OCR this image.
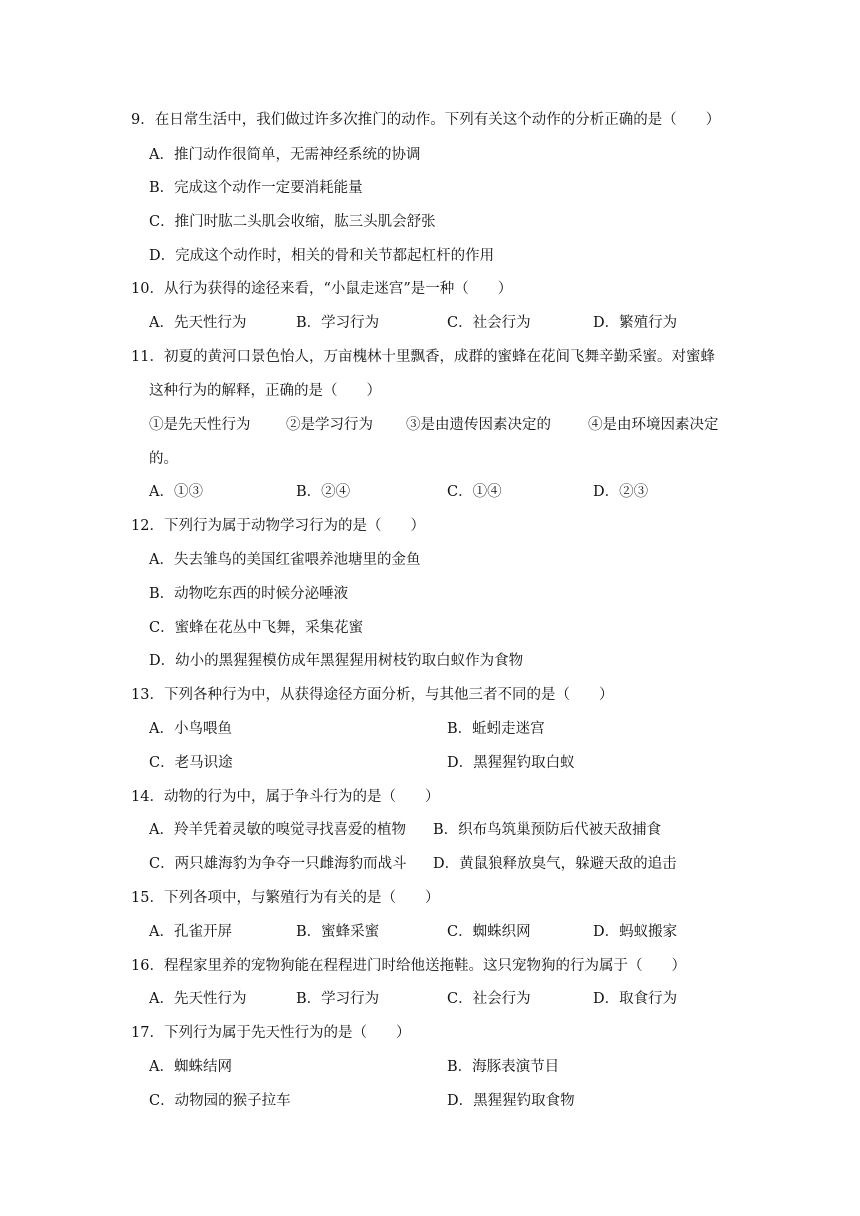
9．在日常生活中，我们做过许多次推门的动作。下列有关这个动作的分析正确的是（　　）
A．推门动作很简单，无需神经系统的协调
B．完成这个动作一定要消耗能量
C．推门时肱二头肌会收缩，肱三头肌会舒张
D．完成这个动作时，相关的骨和关节都起杠杆的作用
10．从行为获得的途径来看，“小鼠走迷宫”是一种（　　）
A．先天性行为	B．学习行为	C．社会行为	D．繁殖行为
11．初夏的黄河口景色怡人，万亩槐林十里飘香，成群的蜜蜂在花间飞舞辛勤采蜜。对蜜蜂
这种行为的解释，正确的是（　　）
①是先天性行为 ②是学习行为 ③是由遗传因素决定的	④是由环境因素决定
的。
A．①③	B．②④	C．①④	D．②③
12．下列行为属于动物学习行为的是（　　）
A．失去雏鸟的美国红雀喂养池塘里的金鱼
B．动物吃东西的时候分泌唾液
C．蜜蜂在花丛中飞舞，采集花蜜
D．幼小的黑猩猩模仿成年黑猩猩用树枝钓取白蚁作为食物
13．下列各种行为中，从获得途径方面分析，与其他三者不同的是（　　）
A．小鸟喂鱼	B．蚯蚓走迷宫
C．老马识途	D．黑猩猩钓取白蚁
14．动物的行为中，属于争斗行为的是（　　）
A．羚羊凭着灵敏的嗅觉寻找喜爱的植物 B．织布鸟筑巢预防后代被天敌捕食
C．两只雄海豹为争夺一只雌海豹而战斗 D．黄鼠狼释放臭气，躲避天敌的追击
15．下列各项中，与繁殖行为有关的是（　　）
A．孔雀开屏	B．蜜蜂采蜜	C．蜘蛛织网	D．蚂蚁搬家
16．程程家里养的宠物狗能在程程进门时给他送拖鞋。这只宠物狗的行为属于（　　）
A．先天性行为	B．学习行为	C．社会行为	D．取食行为
17．下列行为属于先天性行为的是（　　）
A．蜘蛛结网	B．海豚表演节目
C．动物园的猴子拉车	D．黑猩猩钓取食物
